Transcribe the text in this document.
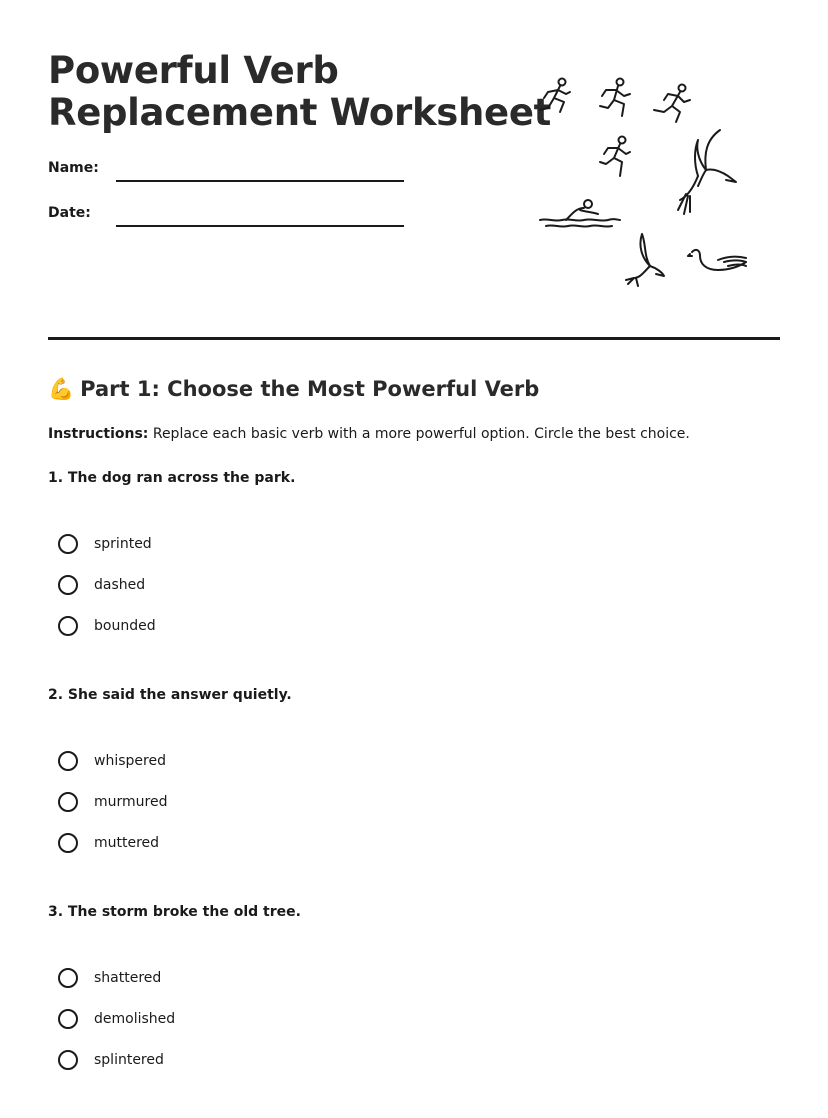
Powerful Verb
Replacement Worksheet
Name:
Date:
💪 Part 1: Choose the Most Powerful Verb
Instructions: Replace each basic verb with a more powerful option. Circle the best choice.
1. The dog ran across the park.
sprinted
dashed
bounded
2. She said the answer quietly.
whispered
murmured
muttered
3. The storm broke the old tree.
shattered
demolished
splintered
